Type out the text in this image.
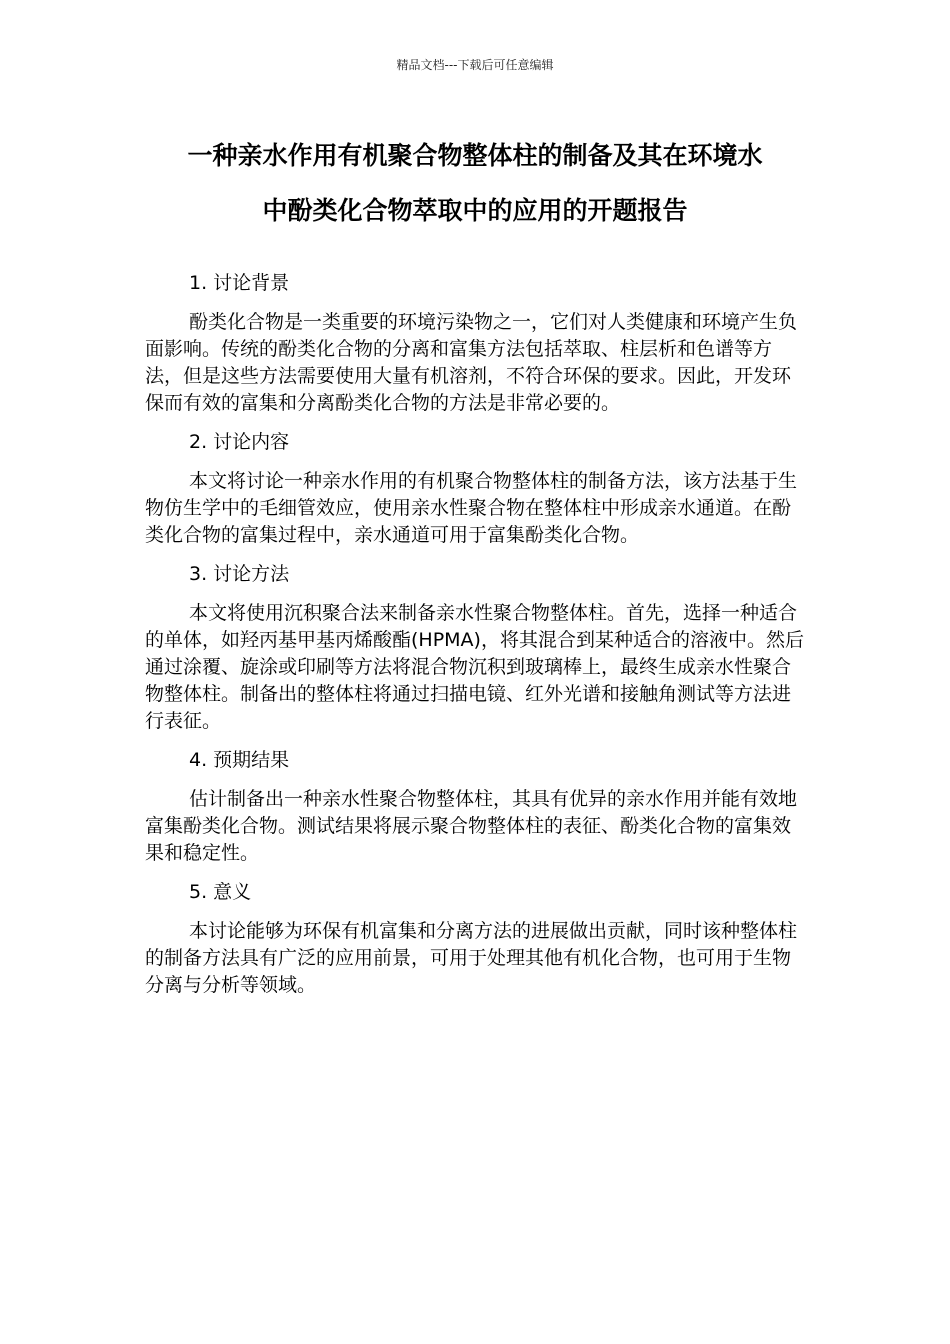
精品文档---下载后可任意编辑
一种亲水作用有机聚合物整体柱的制备及其在环境水
中酚类化合物萃取中的应用的开题报告
1. 讨论背景
酚类化合物是一类重要的环境污染物之一，它们对人类健康和环境产生负面影响。传统的酚类化合物的分离和富集方法包括萃取、柱层析和色谱等方法，但是这些方法需要使用大量有机溶剂，不符合环保的要求。因此，开发环保而有效的富集和分离酚类化合物的方法是非常必要的。
2. 讨论内容
本文将讨论一种亲水作用的有机聚合物整体柱的制备方法，该方法基于生物仿生学中的毛细管效应，使用亲水性聚合物在整体柱中形成亲水通道。在酚类化合物的富集过程中，亲水通道可用于富集酚类化合物。
3. 讨论方法
本文将使用沉积聚合法来制备亲水性聚合物整体柱。首先，选择一种适合的单体，如羟丙基甲基丙烯酸酯(HPMA)，将其混合到某种适合的溶液中。然后通过涂覆、旋涂或印刷等方法将混合物沉积到玻璃棒上，最终生成亲水性聚合物整体柱。制备出的整体柱将通过扫描电镜、红外光谱和接触角测试等方法进行表征。
4. 预期结果
估计制备出一种亲水性聚合物整体柱，其具有优异的亲水作用并能有效地富集酚类化合物。测试结果将展示聚合物整体柱的表征、酚类化合物的富集效果和稳定性。
5. 意义
本讨论能够为环保有机富集和分离方法的进展做出贡献，同时该种整体柱的制备方法具有广泛的应用前景，可用于处理其他有机化合物，也可用于生物分离与分析等领域。
